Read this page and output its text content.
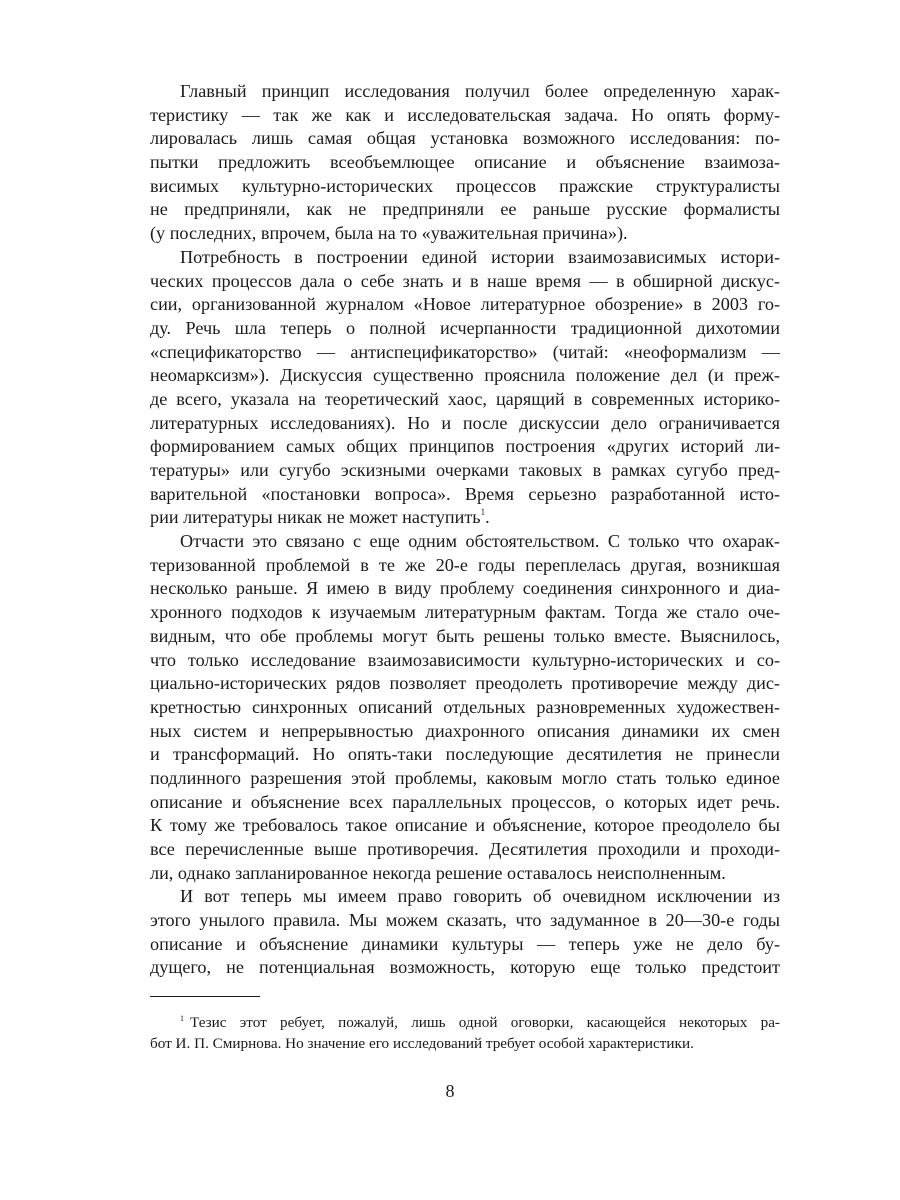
Главный принцип исследования получил более определенную харак-
теристику — так же как и исследовательская задача. Но опять форму-
лировалась лишь самая общая установка возможного исследования: по-
пытки предложить всеобъемлющее описание и объяснение взаимоза-
висимых культурно-исторических процессов пражские структуралисты
не предприняли, как не предприняли ее раньше русские формалисты
(у последних, впрочем, была на то «уважительная причина»).
Потребность в построении единой истории взаимозависимых истори-
ческих процессов дала о себе знать и в наше время — в обширной дискус-
сии, организованной журналом «Новое литературное обозрение» в 2003 го-
ду. Речь шла теперь о полной исчерпанности традиционной дихотомии
«спецификаторство — антиспецификаторство» (читай: «неоформализм —
неомарксизм»). Дискуссия существенно прояснила положение дел (и преж-
де всего, указала на теоретический хаос, царящий в современных историко-
литературных исследованиях). Но и после дискуссии дело ограничивается
формированием самых общих принципов построения «других историй ли-
тературы» или сугубо эскизными очерками таковых в рамках сугубо пред-
варительной «постановки вопроса». Время серьезно разработанной исто-
рии литературы никак не может наступить$^1$.
Отчасти это связано с еще одним обстоятельством. С только что охарак-
теризованной проблемой в те же 20-е годы переплелась другая, возникшая
несколько раньше. Я имею в виду проблему соединения синхронного и диа-
хронного подходов к изучаемым литературным фактам. Тогда же стало оче-
видным, что обе проблемы могут быть решены только вместе. Выяснилось,
что только исследование взаимозависимости культурно-исторических и со-
циально-исторических рядов позволяет преодолеть противоречие между дис-
кретностью синхронных описаний отдельных разновременных художествен-
ных систем и непрерывностью диахронного описания динамики их смен
и трансформаций. Но опять-таки последующие десятилетия не принесли
подлинного разрешения этой проблемы, каковым могло стать только единое
описание и объяснение всех параллельных процессов, о которых идет речь.
К тому же требовалось такое описание и объяснение, которое преодолело бы
все перечисленные выше противоречия. Десятилетия проходили и проходи-
ли, однако запланированное некогда решение оставалось неисполненным.
И вот теперь мы имеем право говорить об очевидном исключении из
этого унылого правила. Мы можем сказать, что задуманное в 20—30-е годы
описание и объяснение динамики культуры — теперь уже не дело бу-
дущего, не потенциальная возможность, которую еще только предстоит
$^1$ Тезис этот ребует, пожалуй, лишь одной оговорки, касающейся некоторых ра-
бот И. П. Смирнова. Но значение его исследований требует особой характеристики.
8
